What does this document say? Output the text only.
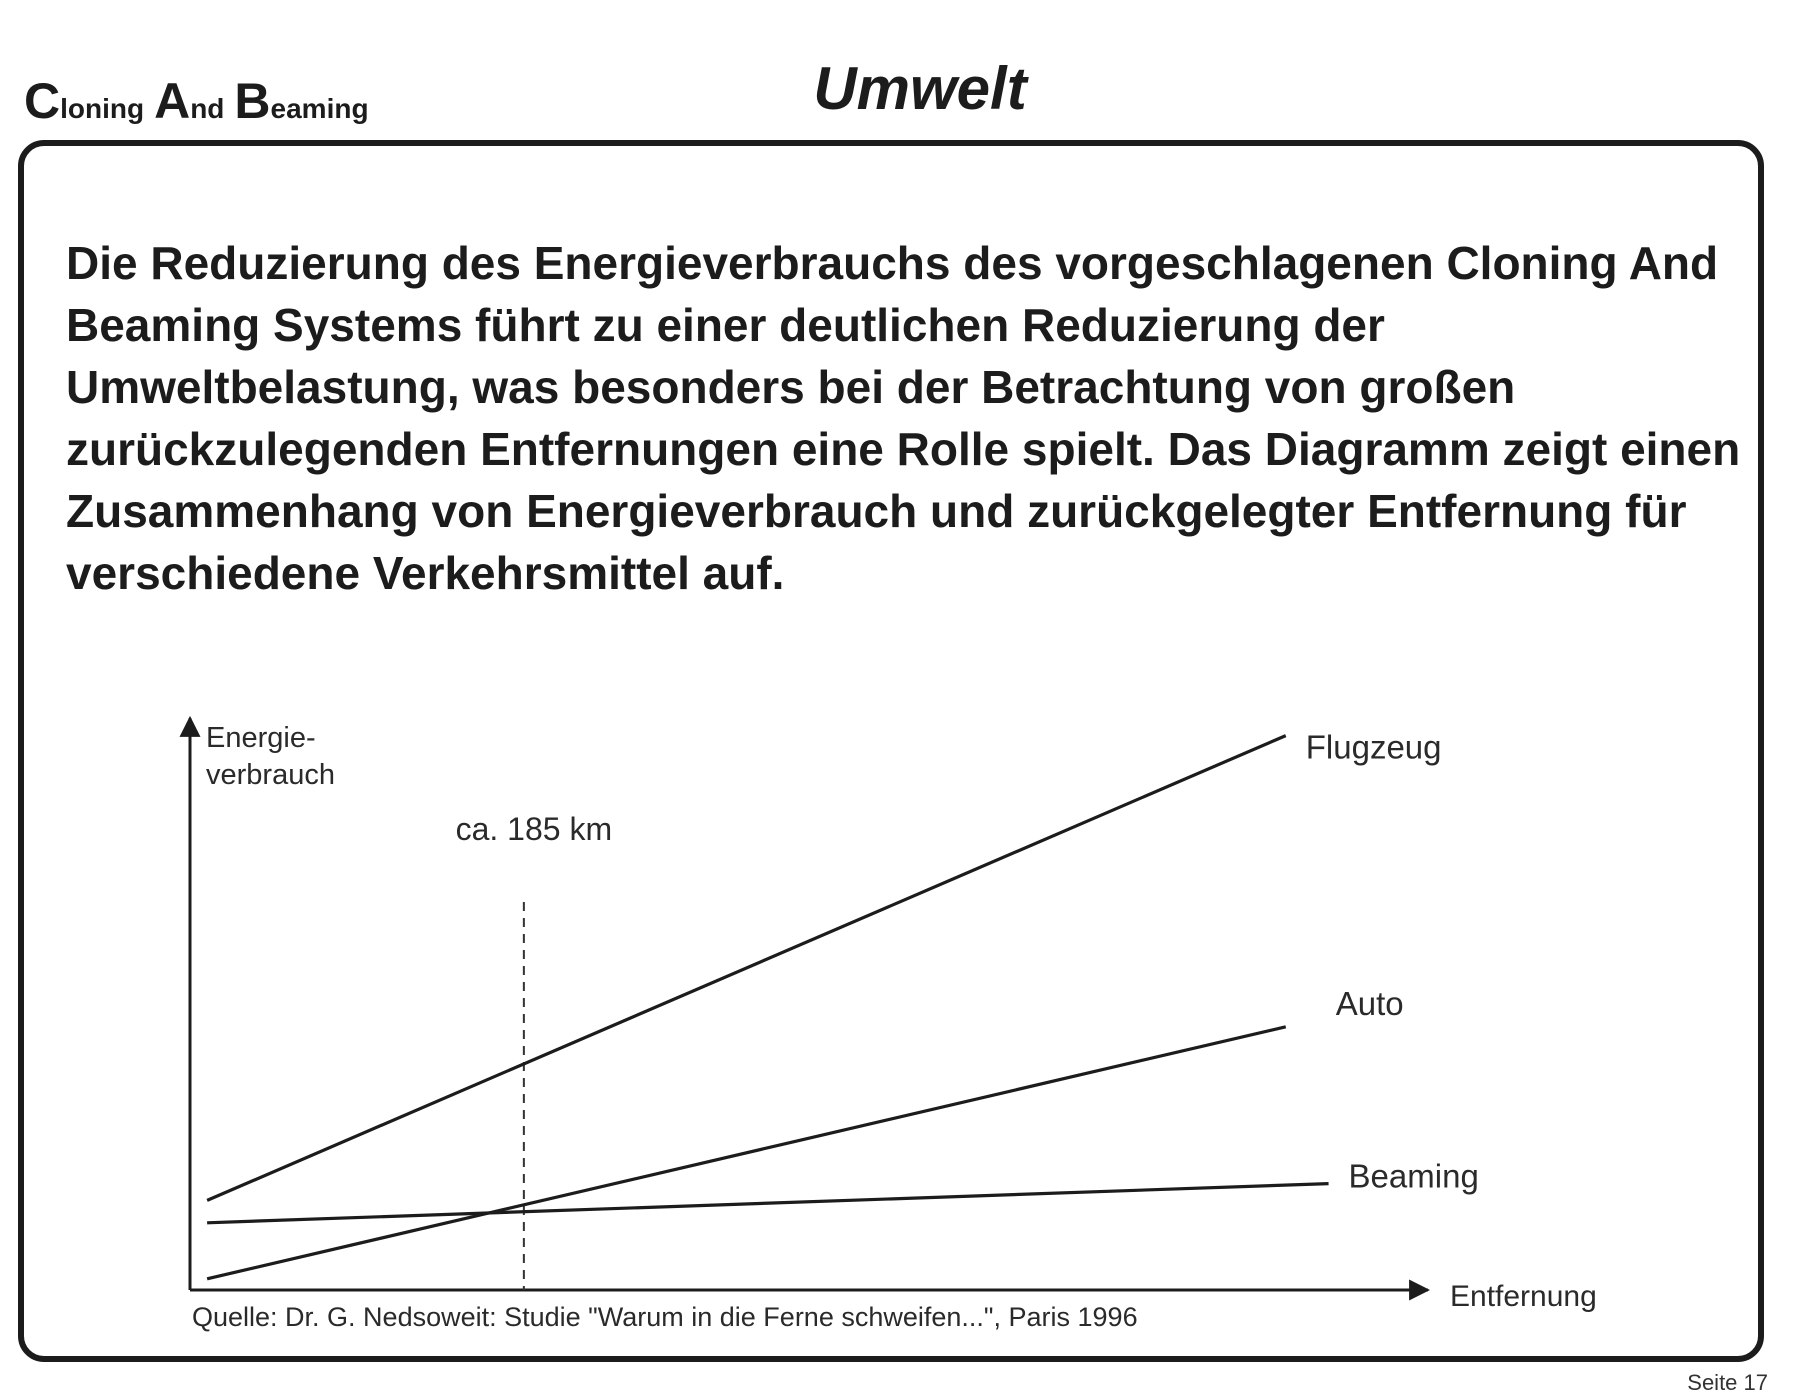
Cloning And Beaming	Umwelt

Die Reduzierung des Energieverbrauchs des vorgeschlagenen Cloning And Beaming Systems führt zu einer deutlichen Reduzierung der Umweltbelastung, was besonders bei der Betrachtung von großen zurückzulegenden Entfernungen eine Rolle spielt. Das Diagramm zeigt einen Zusammenhang von Energieverbrauch und zurückgelegter Entfernung für verschiedene Verkehrsmittel auf.

Energie-
verbrauch
Entfernung
ca. 185 km
Flugzeug
Auto
Beaming
Quelle: Dr. G. Nedsoweit: Studie "Warum in die Ferne schweifen...", Paris 1996
Seite 17
